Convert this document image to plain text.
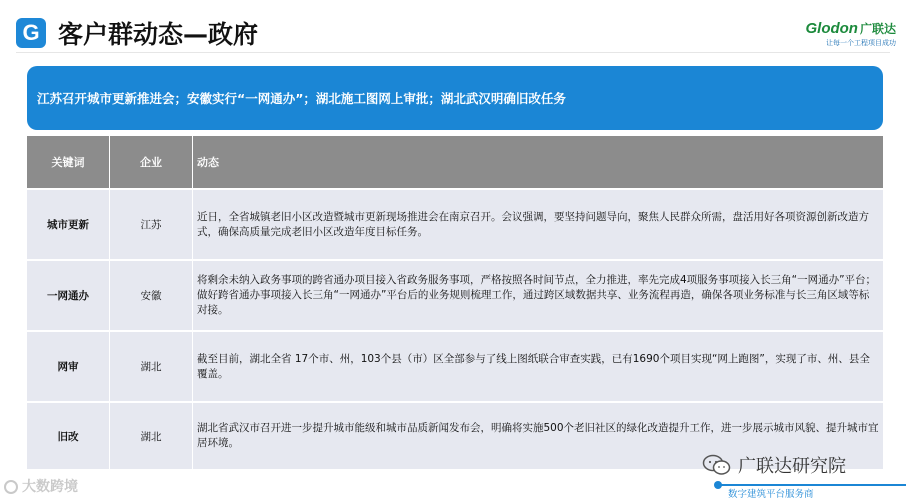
G 客户群动态—政府	Glodon 广联达
让每一个工程项目成功
江苏召开城市更新推进会；安徽实行“一网通办”；湖北施工图网上审批；湖北武汉明确旧改任务
关键词	企业	动态
城市更新	江苏	近日，全省城镇老旧小区改造暨城市更新现场推进会在南京召开。会议强调，要坚持问题导向，聚焦人民群众所需，盘活用好各项资源创新改造方式，确保高质量完成老旧小区改造年度目标任务。
一网通办	安徽	将剩余未纳入政务事项的跨省通办项目接入省政务服务事项，严格按照各时间节点，全力推进，率先完成4项服务事项接入长三角“一网通办”平台；做好跨省通办事项接入长三角“一网通办”平台后的业务规则梳理工作，通过跨区域数据共享、业务流程再造，确保各项业务标准与长三角区域等标对接。
网审	湖北	截至目前，湖北全省 17个市、州，103个县（市）区全部参与了线上图纸联合审查实践，已有1690个项目实现“网上跑图”，实现了市、州、县全覆盖。
旧改	湖北	湖北省武汉市召开进一步提升城市能级和城市品质新闻发布会，明确将实施500个老旧社区的绿化改造提升工作，进一步展示城市风貌、提升城市宜居环境。
大数跨境
广联达研究院
数字建筑平台服务商
